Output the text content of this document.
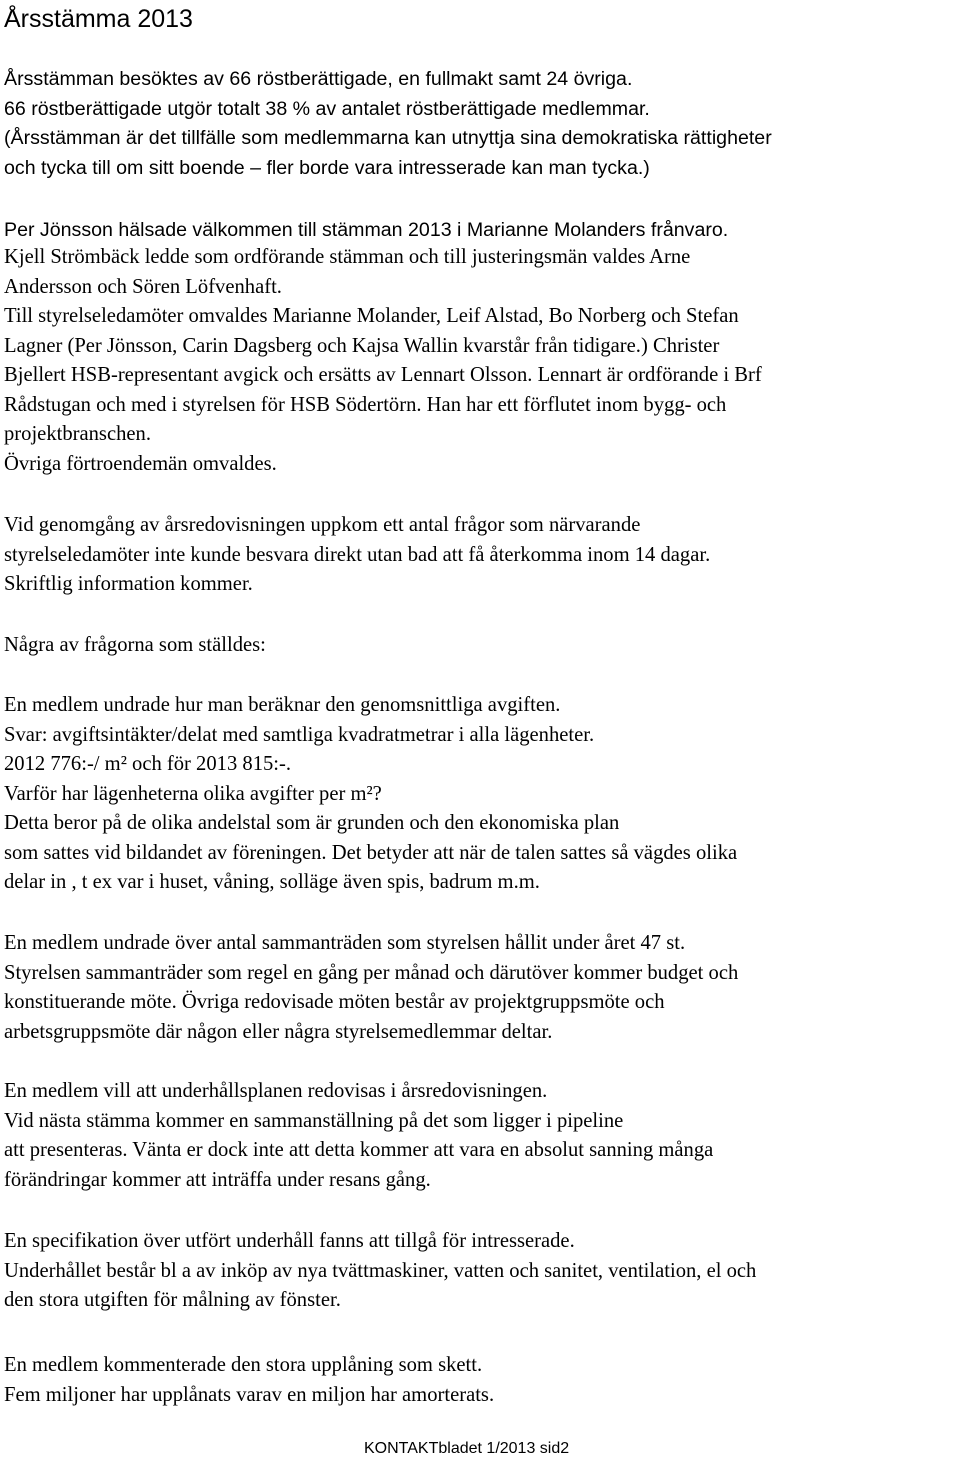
Årsstämma 2013
Årsstämman besöktes av 66 röstberättigade, en fullmakt samt 24 övriga.
66 röstberättigade utgör totalt 38 % av antalet röstberättigade medlemmar.
(Årsstämman är det tillfälle som medlemmarna kan utnyttja sina demokratiska rättigheter
och tycka till om sitt boende – fler borde vara intresserade kan man tycka.)
Per Jönsson hälsade välkommen till stämman 2013 i Marianne Molanders frånvaro.
Kjell Strömbäck ledde som ordförande stämman och till justeringsmän valdes Arne
Andersson och Sören Löfvenhaft.
Till styrelseledamöter omvaldes Marianne Molander, Leif Alstad, Bo Norberg och Stefan
Lagner (Per Jönsson, Carin Dagsberg och Kajsa Wallin kvarstår från tidigare.) Christer
Bjellert HSB-representant avgick och ersätts av Lennart Olsson. Lennart är ordförande i Brf
Rådstugan och med i styrelsen för HSB Södertörn. Han har ett förflutet inom bygg- och
projektbranschen.
Övriga förtroendemän omvaldes.
Vid genomgång av årsredovisningen uppkom ett antal frågor som närvarande
styrelseledamöter inte kunde besvara direkt utan bad att få återkomma inom 14 dagar.
Skriftlig information kommer.
Några av frågorna som ställdes:
En medlem undrade hur man beräknar den genomsnittliga avgiften.
Svar: avgiftsintäkter/delat med samtliga kvadratmetrar i alla lägenheter.
2012 776:-/ m² och för 2013 815:-.
Varför har lägenheterna olika avgifter per m²?
Detta beror på de olika andelstal som är grunden och den ekonomiska plan
som sattes vid bildandet av föreningen. Det betyder att när de talen sattes så vägdes olika
delar in , t ex var i huset, våning, solläge även spis, badrum m.m.
En medlem undrade över antal sammanträden som styrelsen hållit under året 47 st.
Styrelsen sammanträder som regel en gång per månad och därutöver kommer budget och
konstituerande möte. Övriga redovisade möten består av projektgruppsmöte och
arbetsgruppsmöte där någon eller några styrelsemedlemmar deltar.
En medlem vill att underhållsplanen redovisas i årsredovisningen.
Vid nästa stämma kommer en sammanställning på det som ligger i pipeline
att presenteras. Vänta er dock inte att detta kommer att vara en absolut sanning många
förändringar kommer att inträffa under resans gång.
En specifikation över utfört underhåll fanns att tillgå för intresserade.
Underhållet består bl a av inköp av nya tvättmaskiner, vatten och sanitet, ventilation, el och
den stora utgiften för målning av fönster.
En medlem kommenterade den stora upplåning som skett.
Fem miljoner har upplånats varav en miljon har amorterats.
KONTAKTbladet 1/2013 sid2
